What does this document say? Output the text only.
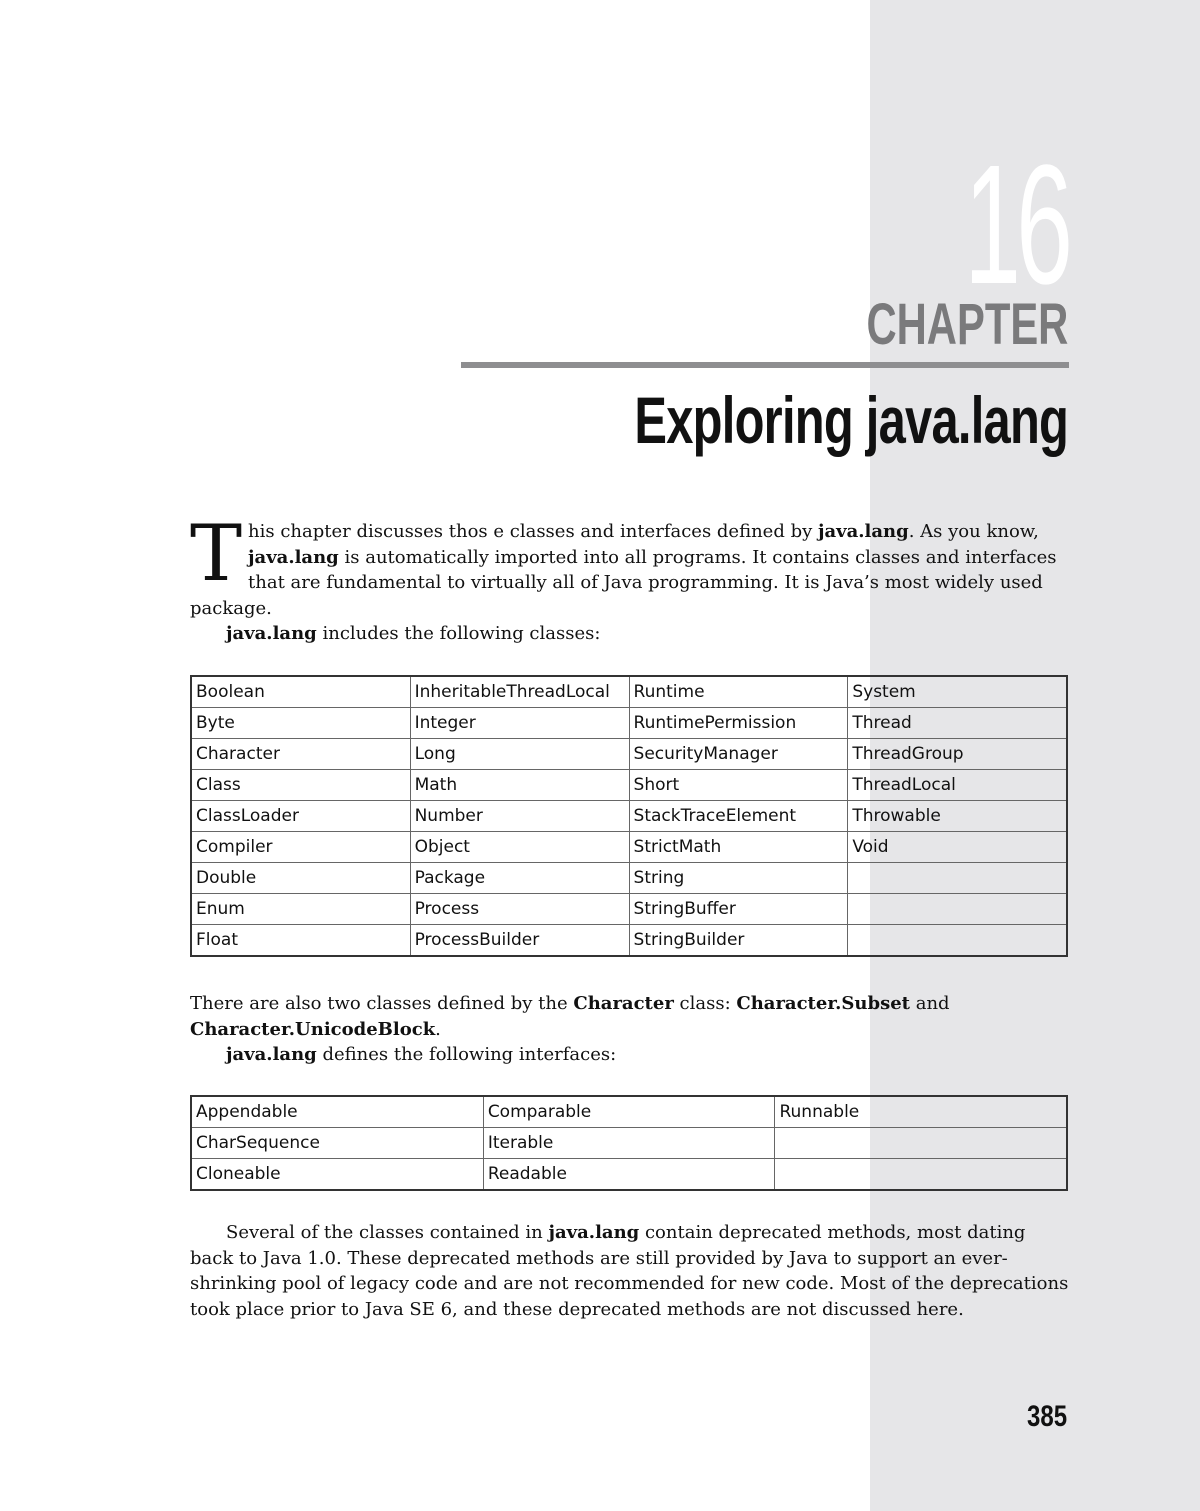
16
CHAPTER
Exploring java.lang
This chapter discusses thos e classes and interfaces defined by java.lang. As you know, java.lang is automatically imported into all programs. It contains classes and interfaces that are fundamental to virtually all of Java programming. It is Java’s most widely used package.
java.lang includes the following classes:
Boolean	InheritableThreadLocal	Runtime	System
Byte	Integer	RuntimePermission	Thread
Character	Long	SecurityManager	ThreadGroup
Class	Math	Short	ThreadLocal
ClassLoader	Number	StackTraceElement	Throwable
Compiler	Object	StrictMath	Void
Double	Package	String	
Enum	Process	StringBuffer	
Float	ProcessBuilder	StringBuilder	
There are also two classes defined by the Character class: Character.Subset and Character.UnicodeBlock.
java.lang defines the following interfaces:
Appendable	Comparable	Runnable
CharSequence	Iterable	
Cloneable	Readable	
Several of the classes contained in java.lang contain deprecated methods, most dating back to Java 1.0. These deprecated methods are still provided by Java to support an ever-shrinking pool of legacy code and are not recommended for new code. Most of the deprecations took place prior to Java SE 6, and these deprecated methods are not discussed here.
385
